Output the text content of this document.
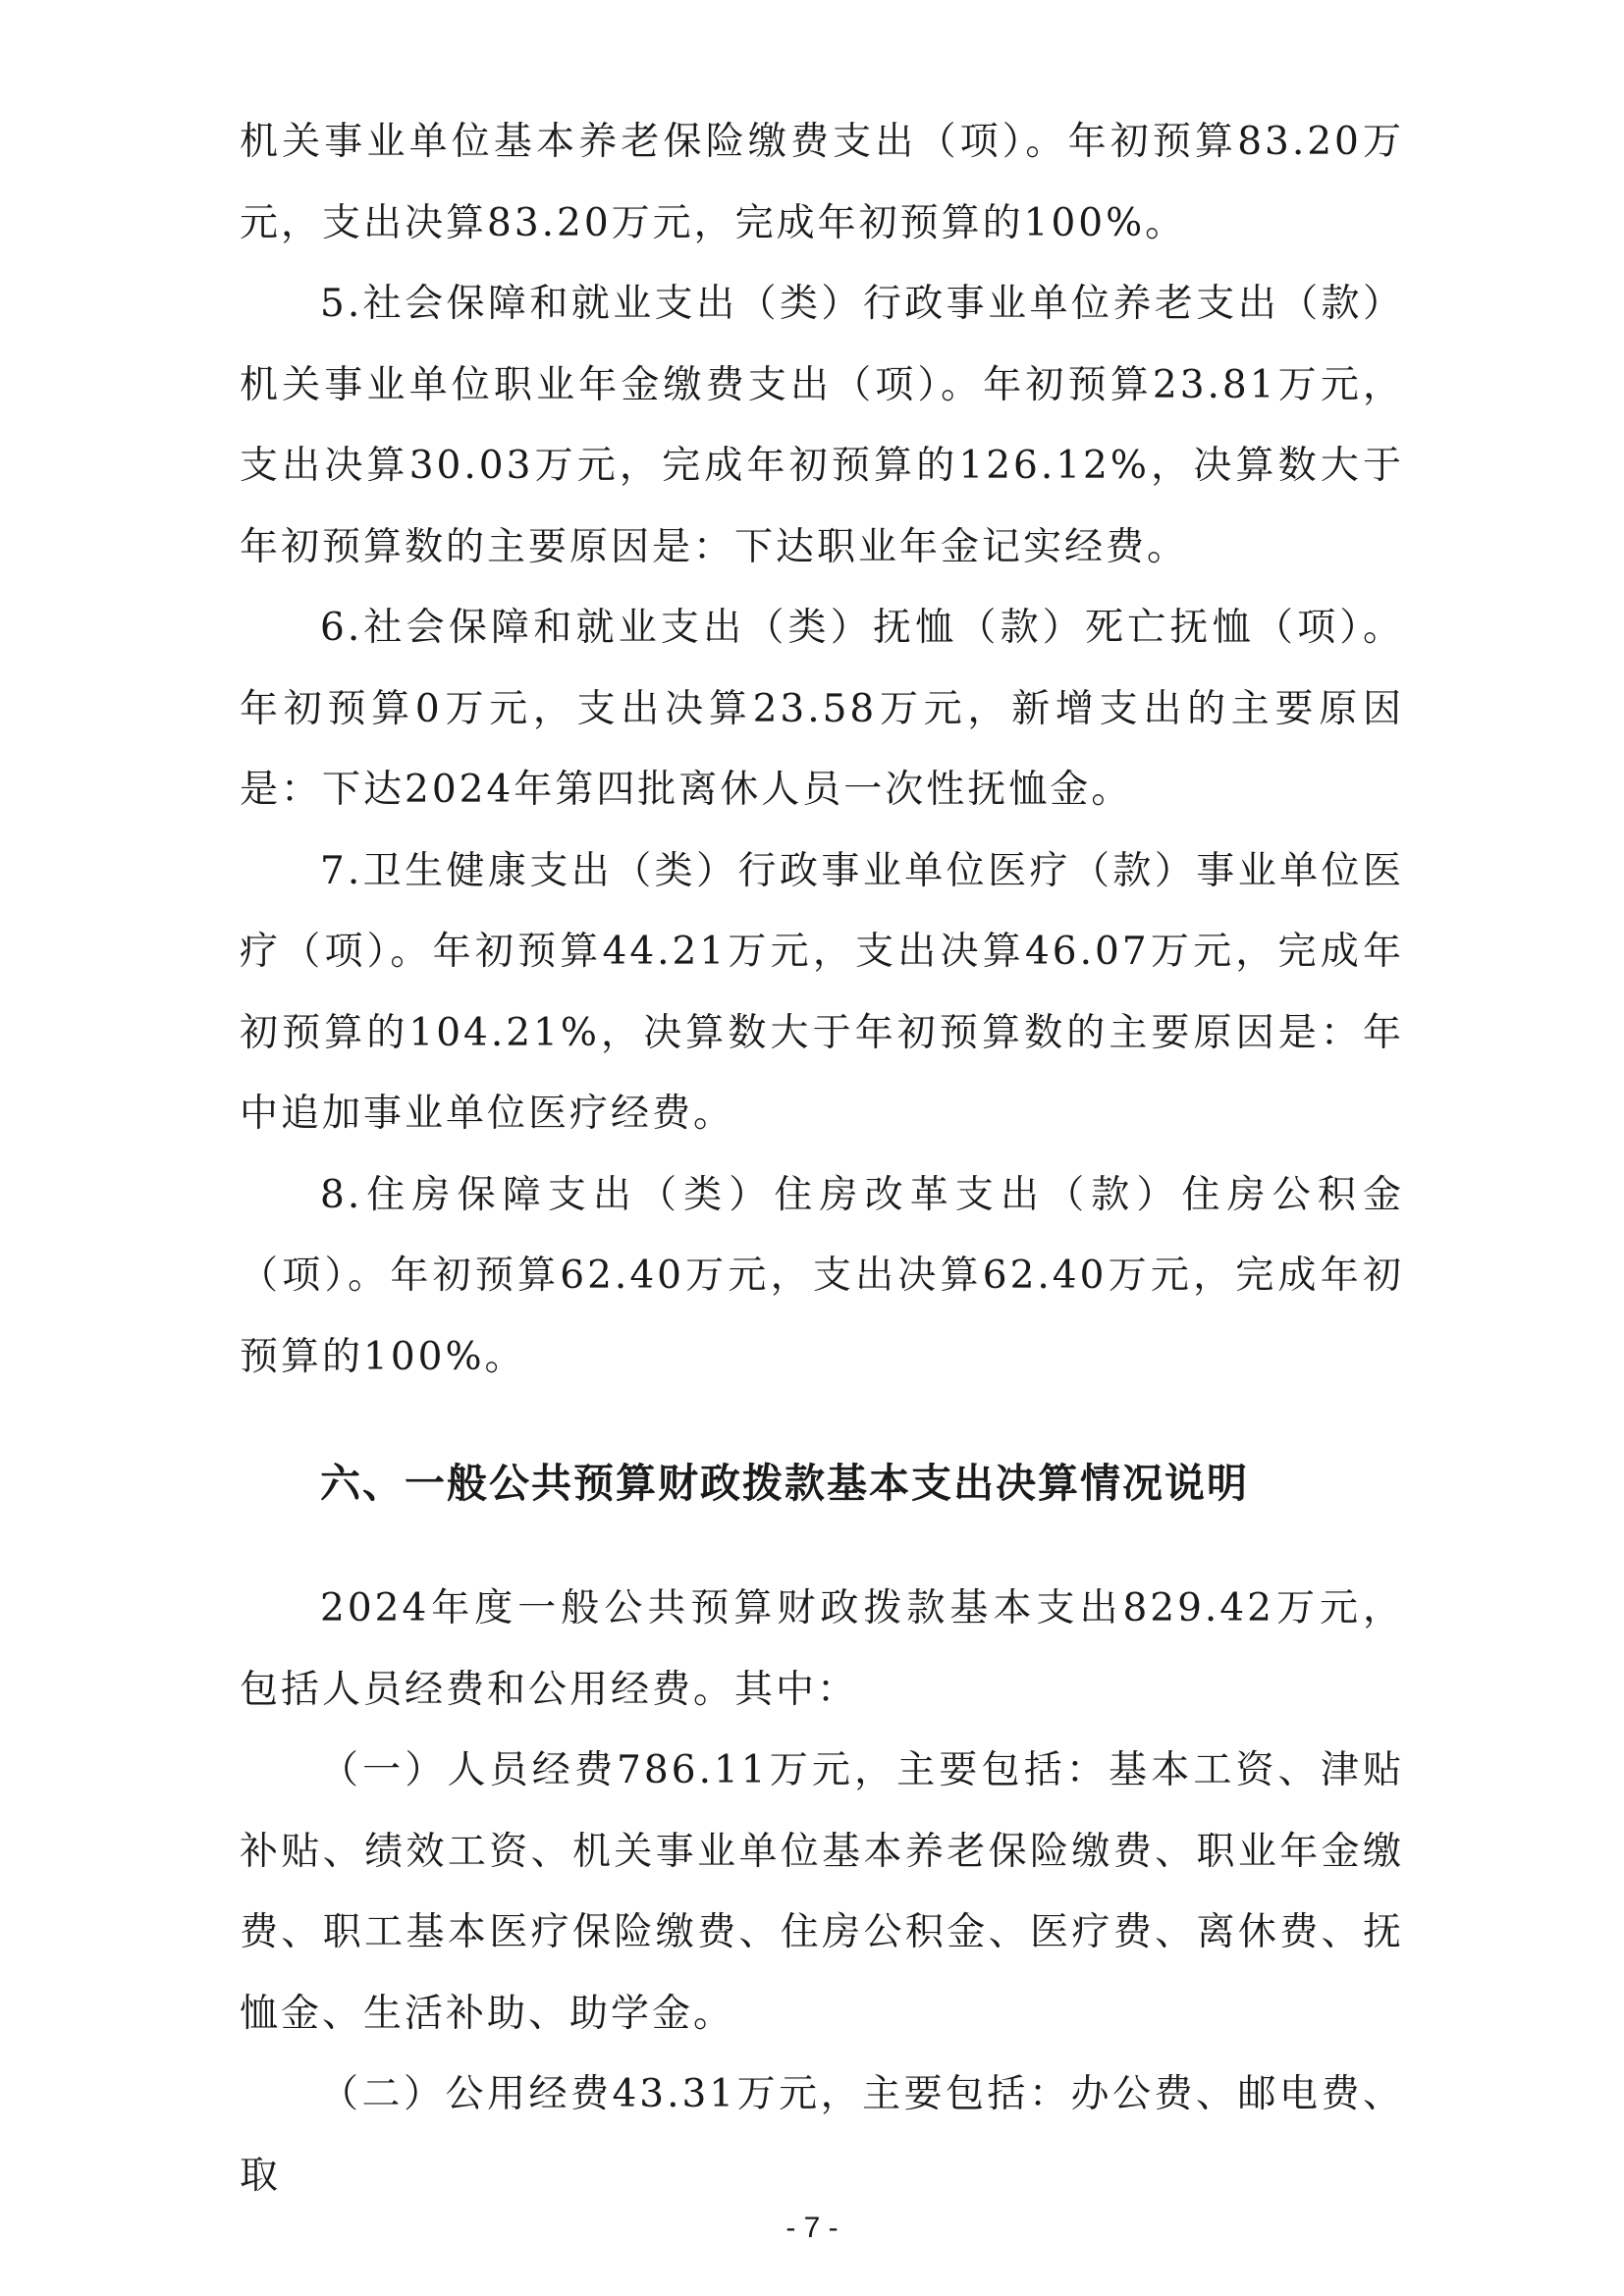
机关事业单位基本养老保险缴费支出（项）。年初预算83.20万元，支出决算83.20万元，完成年初预算的100%。

5.社会保障和就业支出（类）行政事业单位养老支出（款）机关事业单位职业年金缴费支出（项）。年初预算23.81万元，支出决算30.03万元，完成年初预算的126.12%，决算数大于年初预算数的主要原因是：下达职业年金记实经费。

6.社会保障和就业支出（类）抚恤（款）死亡抚恤（项）。年初预算0万元，支出决算23.58万元，新增支出的主要原因是：下达2024年第四批离休人员一次性抚恤金。

7.卫生健康支出（类）行政事业单位医疗（款）事业单位医疗（项）。年初预算44.21万元，支出决算46.07万元，完成年初预算的104.21%，决算数大于年初预算数的主要原因是：年中追加事业单位医疗经费。

8.住房保障支出（类）住房改革支出（款）住房公积金（项）。年初预算62.40万元，支出决算62.40万元，完成年初预算的100%。

六、一般公共预算财政拨款基本支出决算情况说明

2024年度一般公共预算财政拨款基本支出829.42万元，包括人员经费和公用经费。其中：

（一）人员经费786.11万元，主要包括：基本工资、津贴补贴、绩效工资、机关事业单位基本养老保险缴费、职业年金缴费、职工基本医疗保险缴费、住房公积金、医疗费、离休费、抚恤金、生活补助、助学金。

（二）公用经费43.31万元，主要包括：办公费、邮电费、取

- 7 -
